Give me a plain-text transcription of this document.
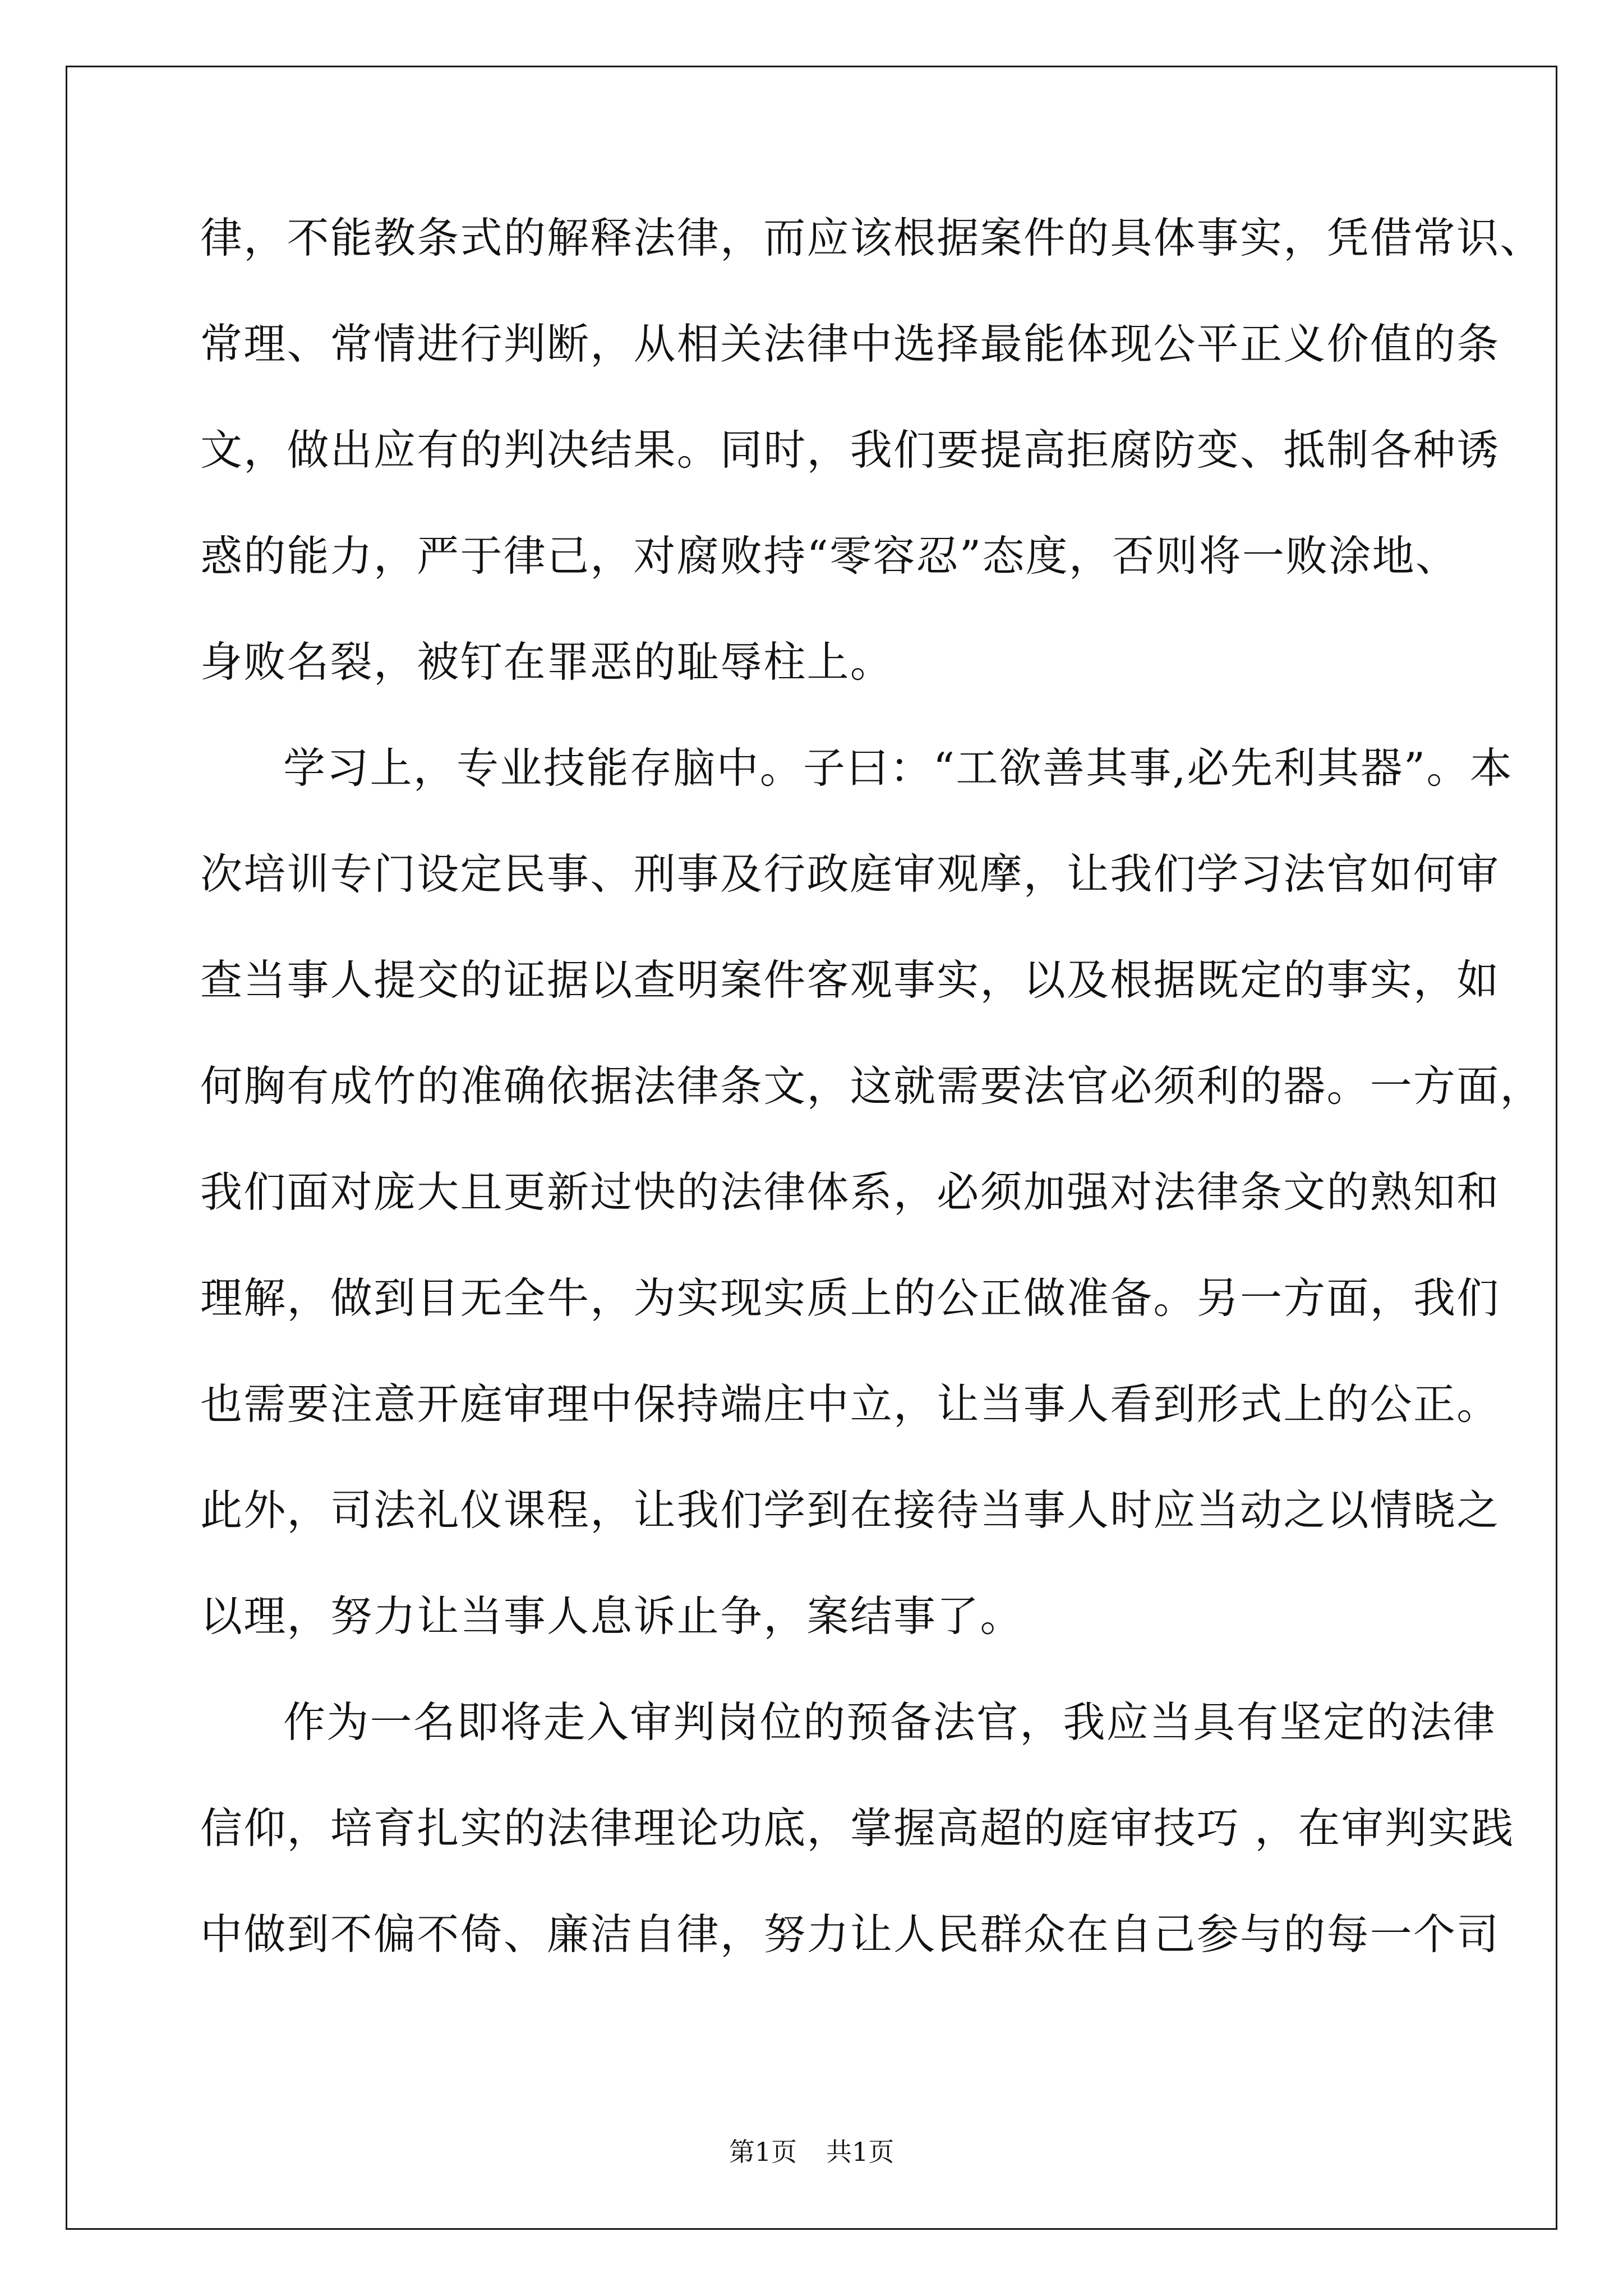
律，不能教条式的解释法律，而应该根据案件的具体事实，凭借常识、
常理、常情进行判断，从相关法律中选择最能体现公平正义价值的条
文，做出应有的判决结果。同时，我们要提高拒腐防变、抵制各种诱
惑的能力，严于律己，对腐败持“零容忍”态度，否则将一败涂地、
身败名裂，被钉在罪恶的耻辱柱上。
学习上，专业技能存脑中。子曰：“工欲善其事,必先利其器”。本
次培训专门设定民事、刑事及行政庭审观摩，让我们学习法官如何审
查当事人提交的证据以查明案件客观事实，以及根据既定的事实，如
何胸有成竹的准确依据法律条文，这就需要法官必须利的器。一方面，
我们面对庞大且更新过快的法律体系，必须加强对法律条文的熟知和
理解，做到目无全牛，为实现实质上的公正做准备。另一方面，我们
也需要注意开庭审理中保持端庄中立，让当事人看到形式上的公正。
此外，司法礼仪课程，让我们学到在接待当事人时应当动之以情晓之
以理，努力让当事人息诉止争，案结事了。
作为一名即将走入审判岗位的预备法官，我应当具有坚定的法律
信仰，培育扎实的法律理论功底，掌握高超的庭审技巧 ，在审判实践
中做到不偏不倚、廉洁自律，努力让人民群众在自己参与的每一个司
第1页 共1页
